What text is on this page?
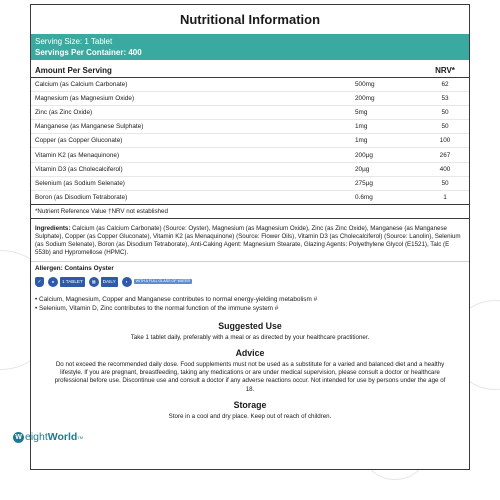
Nutritional Information
Serving Size: 1 Tablet
Servings Per Container: 400
Amount Per Serving	NRV*
Calcium (as Calcium Carbonate)	500mg	62
Magnesium (as Magnesium Oxide)	200mg	53
Zinc (as Zinc Oxide)	5mg	50
Manganese (as Manganese Sulphate)	1mg	50
Copper (as Copper Gluconate)	1mg	100
Vitamin K2 (as Menaquinone)	200µg	267
Vitamin D3 (as Cholecalciferol)	20µg	400
Selenium (as Sodium Selenate)	275µg	50
Boron (as Disodium Tetraborate)	0.6mg	1
*Nutrient Reference Value †NRV not established
Ingredients: Calcium (as Calcium Carbonate) (Source: Oyster), Magnesium (as Magnesium Oxide), Zinc (as Zinc Oxide), Manganese (as Manganese Sulphate), Copper (as Copper Gluconate), Vitamin K2 (as Menaquinone) (Source: Flower Oils), Vitamin D3 (as Cholecalciferol) (Source: Lanolin), Selenium (as Sodium Selenate), Boron (as Disodium Tetraborate), Anti-Caking Agent: Magnesium Stearate, Glazing Agents: Polyethylene Glycol (E1521), Talc (E 553b) and Hypromellose (HPMC).
Allergen: Contains Oyster
✓	●	1 TABLET	▦	DAILY	◗	WITH A FULL GLASS OF WATER
• Calcium, Magnesium, Copper and Manganese contributes to normal energy-yielding metabolism #
• Selenium, Vitamin D, Zinc contributes to the normal function of the immune system #
Suggested Use
Take 1 tablet daily, preferably with a meal or as directed by your healthcare practitioner.
Advice
Do not exceed the recommended daily dose. Food supplements must not be used as a substitute for a varied and balanced diet and a healthy lifestyle. If you are pregnant, breastfeeding, taking any medications or are under medical supervision, please consult a doctor or healthcare professional before use. Discontinue use and consult a doctor if any adverse reactions occur. Not intended for use by persons under the age of 18.
Storage
Store in a cool and dry place. Keep out of reach of children.
W eightWorld TM
